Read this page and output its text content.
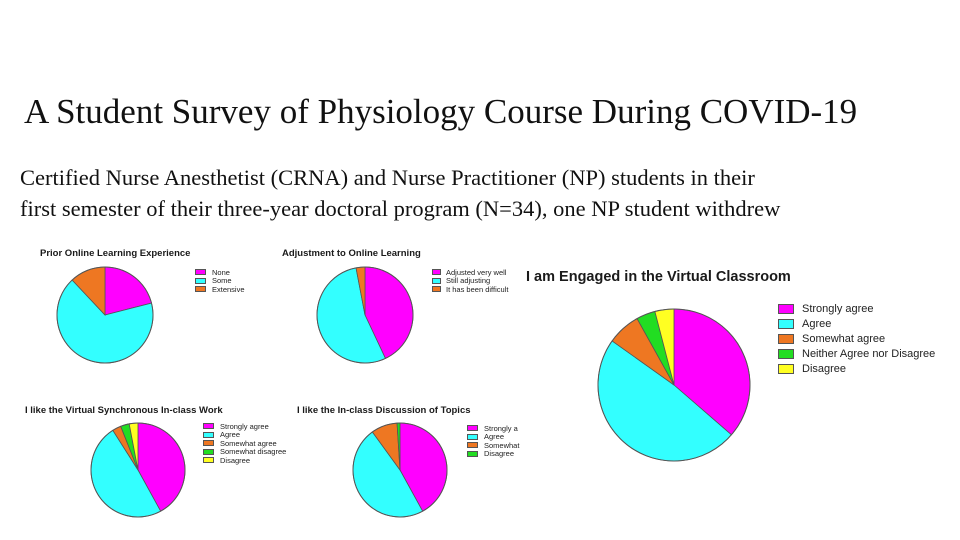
A Student Survey of Physiology Course During COVID-19
Certified Nurse Anesthetist (CRNA) and Nurse Practitioner (NP) students in their
first semester of their three-year doctoral program (N=34), one NP student withdrew
Prior Online Learning Experience
None
Some
Extensive
Adjustment to Online Learning
Adjusted very well
Still adjusting
It has been difficult
I am Engaged in the Virtual Classroom
Strongly agree
Agree
Somewhat agree
Neither Agree nor Disagree
Disagree
I like the Virtual Synchronous In-class Work
Strongly agree
Agree
Somewhat agree
Somewhat disagree
Disagree
I like the In-class Discussion of Topics
Strongly a
Agree
Somewhat
Disagree
